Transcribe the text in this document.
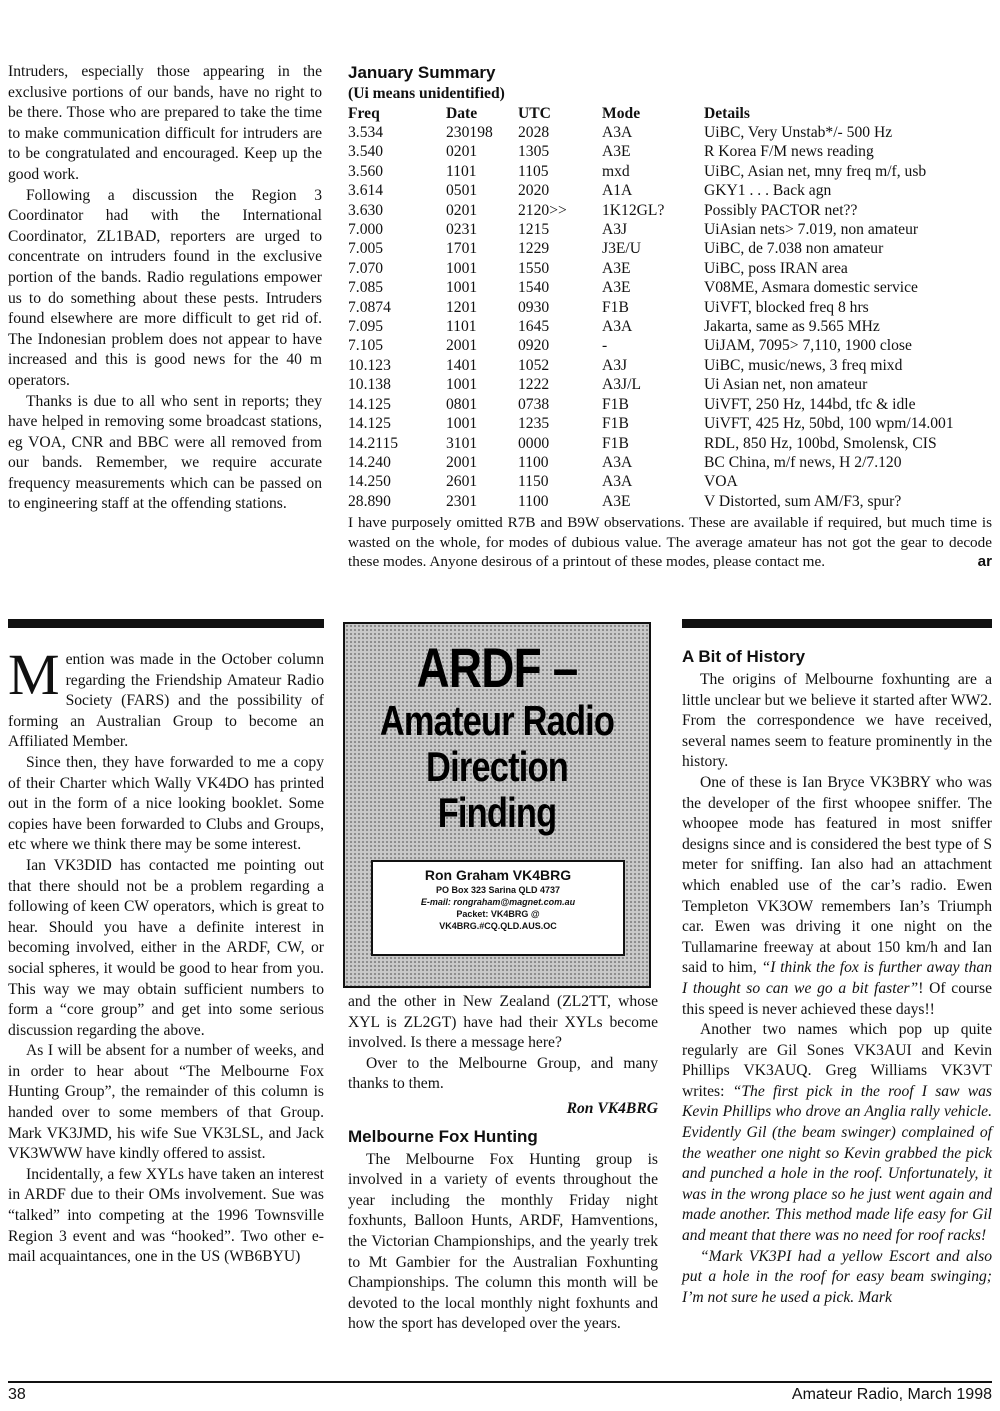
Intruders, especially those appearing in the exclusive portions of our bands, have no right to be there. Those who are prepared to take the time to make communication difficult for intruders are to be congratulated and encouraged. Keep up the good work.

Following a discussion the Region 3 Coordinator had with the International Coordinator, ZL1BAD, reporters are urged to concentrate on intruders found in the exclusive portion of the bands. Radio regulations empower us to do something about these pests. Intruders found elsewhere are more difficult to get rid of. The Indonesian problem does not appear to have increased and this is good news for the 40 m operators.

Thanks is due to all who sent in reports; they have helped in removing some broadcast stations, eg VOA, CNR and BBC were all removed from our bands. Remember, we require accurate frequency measurements which can be passed on to engineering staff at the offending stations.

January Summary
(Ui means unidentified)
Freq	Date	UTC	Mode	Details
3.534	230198	2028	A3A	UiBC, Very Unstab*/- 500 Hz
3.540	0201	1305	A3E	R Korea F/M news reading
3.560	1101	1105	mxd	UiBC, Asian net, mny freq m/f, usb
3.614	0501	2020	A1A	GKY1 . . . Back agn
3.630	0201	2120>>	1K12GL?	Possibly PACTOR net??
7.000	0231	1215	A3J	UiAsian nets> 7.019, non amateur
7.005	1701	1229	J3E/U	UiBC, de 7.038 non amateur
7.070	1001	1550	A3E	UiBC, poss IRAN area
7.085	1001	1540	A3E	V08ME, Asmara domestic service
7.0874	1201	0930	F1B	UiVFT, blocked freq 8 hrs
7.095	1101	1645	A3A	Jakarta, same as 9.565 MHz
7.105	2001	0920	-	UiJAM, 7095> 7,110, 1900 close
10.123	1401	1052	A3J	UiBC, music/news, 3 freq mixd
10.138	1001	1222	A3J/L	Ui Asian net, non amateur
14.125	0801	0738	F1B	UiVFT, 250 Hz, 144bd, tfc & idle
14.125	1001	1235	F1B	UiVFT, 425 Hz, 50bd, 100 wpm/14.001
14.2115	3101	0000	F1B	RDL, 850 Hz, 100bd, Smolensk, CIS
14.240	2001	1100	A3A	BC China, m/f news, H 2/7.120
14.250	2601	1150	A3A	VOA
28.890	2301	1100	A3E	V Distorted, sum AM/F3, spur?
I have purposely omitted R7B and B9W observations. These are available if required, but much time is wasted on the whole, for modes of dubious value. The average amateur has not got the gear to decode these modes. Anyone desirous of a printout of these modes, please contact me.	ar

Mention was made in the October column regarding the Friendship Amateur Radio Society (FARS) and the possibility of forming an Australian Group to become an Affiliated Member.

Since then, they have forwarded to me a copy of their Charter which Wally VK4DO has printed out in the form of a nice looking booklet. Some copies have been forwarded to Clubs and Groups, etc where we think there may be some interest.

Ian VK3DID has contacted me pointing out that there should not be a problem regarding a following of keen CW operators, which is great to hear. Should you have a definite interest in becoming involved, either in the ARDF, CW, or social spheres, it would be good to hear from you. This way we may obtain sufficient numbers to form a “core group” and get into some serious discussion regarding the above.

As I will be absent for a number of weeks, and in order to hear about “The Melbourne Fox Hunting Group”, the remainder of this column is handed over to some members of that Group. Mark VK3JMD, his wife Sue VK3LSL, and Jack VK3WWW have kindly offered to assist.

Incidentally, a few XYLs have taken an interest in ARDF due to their OMs involvement. Sue was “talked” into competing at the 1996 Townsville Region 3 event and was “hooked”. Two other e-mail acquaintances, one in the US (WB6BYU)

ARDF –
Amateur Radio
Direction
Finding
Ron Graham VK4BRG
PO Box 323 Sarina QLD 4737
E-mail: rongraham@magnet.com.au
Packet: VK4BRG @
VK4BRG.#CQ.QLD.AUS.OC

and the other in New Zealand (ZL2TT, whose XYL is ZL2GT) have had their XYLs become involved. Is there a message here?

Over to the Melbourne Group, and many thanks to them.

Ron VK4BRG
Melbourne Fox Hunting

The Melbourne Fox Hunting group is involved in a variety of events throughout the year including the monthly Friday night foxhunts, Balloon Hunts, ARDF, Hamventions, the Victorian Championships, and the yearly trek to Mt Gambier for the Australian Foxhunting Championships. The column this month will be devoted to the local monthly night foxhunts and how the sport has developed over the years.

A Bit of History

The origins of Melbourne foxhunting are a little unclear but we believe it started after WW2. From the correspondence we have received, several names seem to feature prominently in the history.

One of these is Ian Bryce VK3BRY who was the developer of the first whoopee sniffer. The whoopee mode has featured in most sniffer designs since and is considered the best type of S meter for sniffing. Ian also had an attachment which enabled use of the car’s radio. Ewen Templeton VK3OW remembers Ian’s Triumph car. Ewen was driving it one night on the Tullamarine freeway at about 150 km/h and Ian said to him, “I think the fox is further away than I thought so can we go a bit faster”! Of course this speed is never achieved these days!!

Another two names which pop up quite regularly are Gil Sones VK3AUI and Kevin Phillips VK3AUQ. Greg Williams VK3VT writes: “The first pick in the roof I saw was Kevin Phillips who drove an Anglia rally vehicle. Evidently Gil (the beam swinger) complained of the weather one night so Kevin grabbed the pick and punched a hole in the roof. Unfortunately, it was in the wrong place so he just went again and made another. This method made life easy for Gil and meant that there was no need for roof racks!

“Mark VK3PI had a yellow Escort and also put a hole in the roof for easy beam swinging; I’m not sure he used a pick. Mark

38	Amateur Radio, March 1998
